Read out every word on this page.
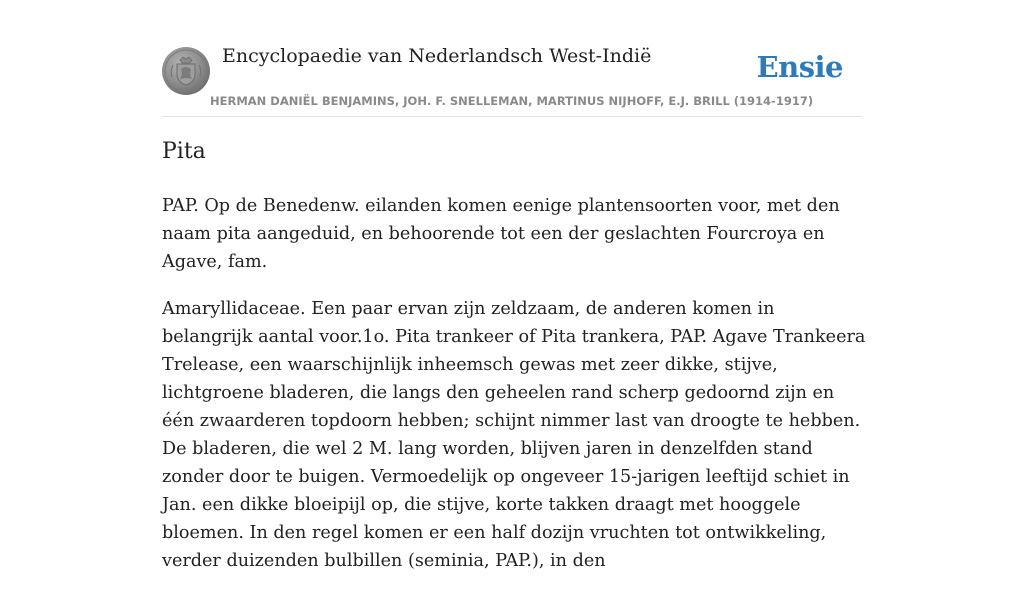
Encyclopaedie van Nederlandsch West-Indië	Ensie
HERMAN DANIËL BENJAMINS, JOH. F. SNELLEMAN, MARTINUS NIJHOFF, E.J. BRILL (1914-1917)
Pita

PAP. Op de Benedenw. eilanden komen eenige plantensoorten voor, met den naam pita aangeduid, en behoorende tot een der geslachten Fourcroya en Agave, fam.

Amaryllidaceae. Een paar ervan zijn zeldzaam, de anderen komen in belangrijk aantal voor.1o. Pita trankeer of Pita trankera, PAP. Agave Trankeera Trelease, een waarschijnlijk inheemsch gewas met zeer dikke, stijve, lichtgroene bladeren, die langs den geheelen rand scherp gedoornd zijn en één zwaarderen topdoorn hebben; schijnt nimmer last van droogte te hebben. De bladeren, die wel 2 M. lang worden, blijven jaren in denzelfden stand zonder door te buigen. Vermoedelijk op ongeveer 15-jarigen leeftijd schiet in Jan. een dikke bloeipijl op, die stijve, korte takken draagt met hooggele bloemen. In den regel komen er een half dozijn vruchten tot ontwikkeling, verder duizenden bulbillen (seminia, PAP.), in den
